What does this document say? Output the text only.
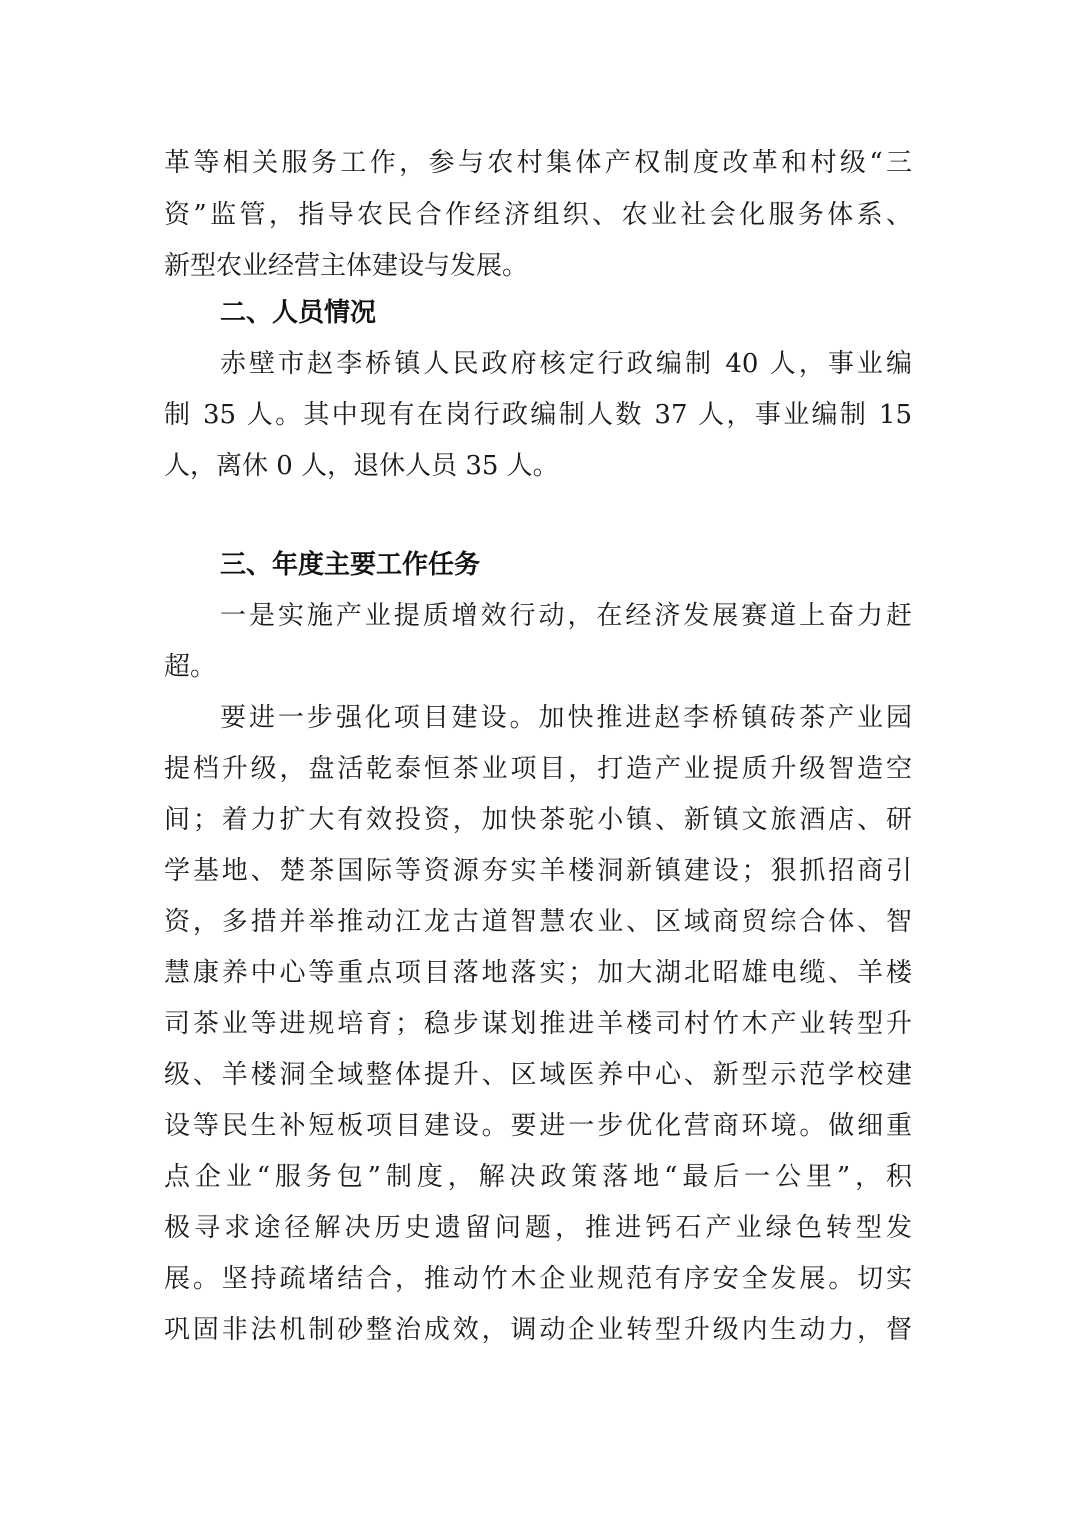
革等相关服务工作，参与农村集体产权制度改革和村级“三
资”监管，指导农民合作经济组织、农业社会化服务体系、
新型农业经营主体建设与发展。
二、人员情况
赤壁市赵李桥镇人民政府核定行政编制 40 人，事业编
制 35 人。其中现有在岗行政编制人数 37 人，事业编制 15
人，离休 0 人，退休人员 35 人。
三、年度主要工作任务
一是实施产业提质增效行动，在经济发展赛道上奋力赶
超。
要进一步强化项目建设。加快推进赵李桥镇砖茶产业园
提档升级，盘活乾泰恒茶业项目，打造产业提质升级智造空
间；着力扩大有效投资，加快茶驼小镇、新镇文旅酒店、研
学基地、楚茶国际等资源夯实羊楼洞新镇建设；狠抓招商引
资，多措并举推动江龙古道智慧农业、区域商贸综合体、智
慧康养中心等重点项目落地落实；加大湖北昭雄电缆、羊楼
司茶业等进规培育；稳步谋划推进羊楼司村竹木产业转型升
级、羊楼洞全域整体提升、区域医养中心、新型示范学校建
设等民生补短板项目建设。要进一步优化营商环境。做细重
点企业“服务包”制度，解决政策落地“最后一公里”，积
极寻求途径解决历史遗留问题，推进钙石产业绿色转型发
展。坚持疏堵结合，推动竹木企业规范有序安全发展。切实
巩固非法机制砂整治成效，调动企业转型升级内生动力，督
